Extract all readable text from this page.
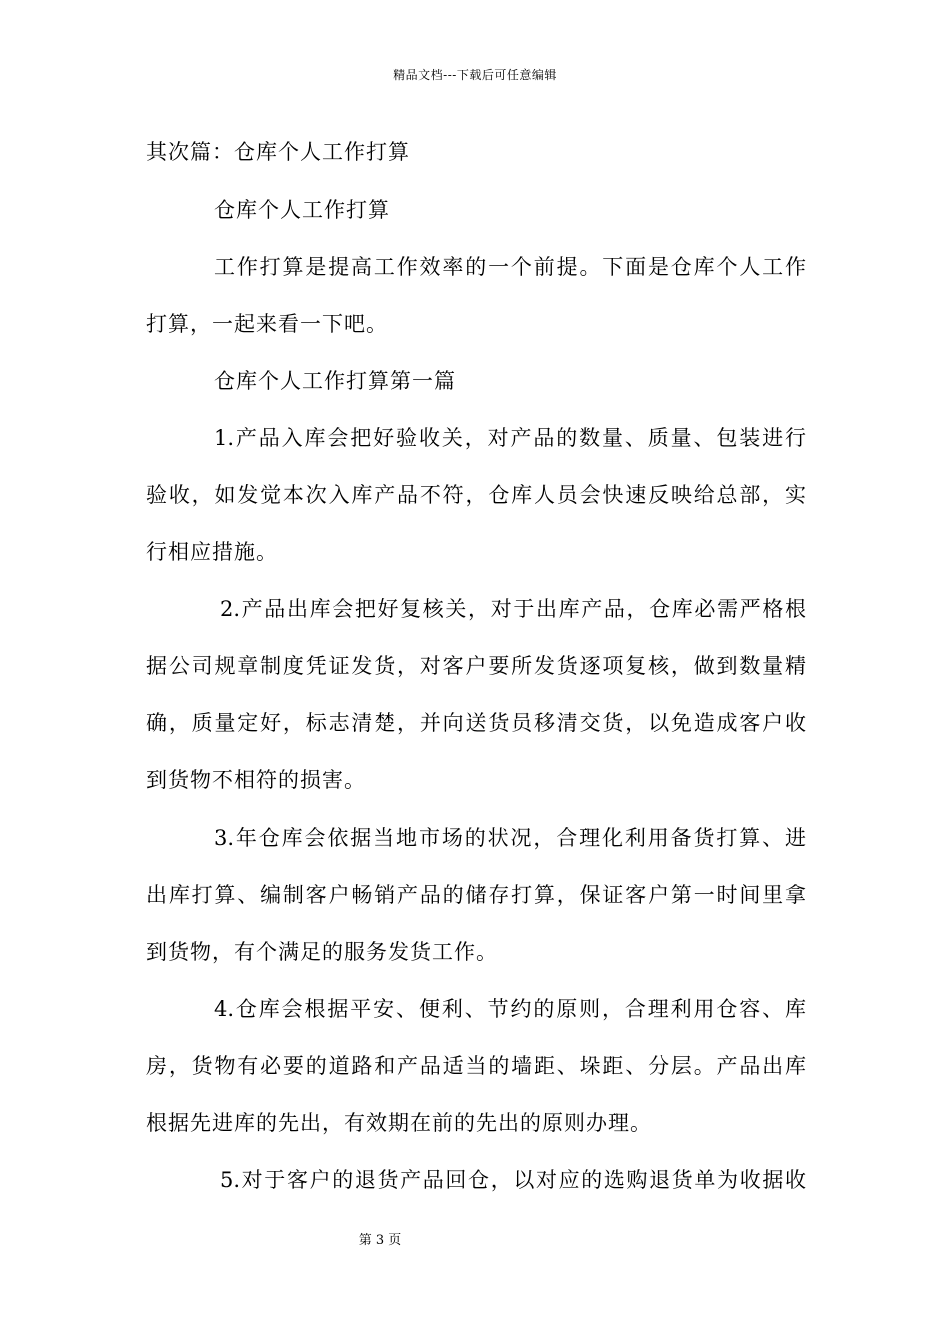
精品文档---下载后可任意编辑
其次篇：仓库个人工作打算
仓库个人工作打算
工作打算是提高工作效率的一个前提。下面是仓库个人工作
打算，一起来看一下吧。
仓库个人工作打算第一篇
1.产品入库会把好验收关，对产品的数量、质量、包装进行
验收，如发觉本次入库产品不符，仓库人员会快速反映给总部，实
行相应措施。
2.产品出库会把好复核关，对于出库产品，仓库必需严格根
据公司规章制度凭证发货，对客户要所发货逐项复核，做到数量精
确，质量定好，标志清楚，并向送货员移清交货，以免造成客户收
到货物不相符的损害。
3.年仓库会依据当地市场的状况，合理化利用备货打算、进
出库打算、编制客户畅销产品的储存打算，保证客户第一时间里拿
到货物，有个满足的服务发货工作。
4.仓库会根据平安、便利、节约的原则，合理利用仓容、库
房，货物有必要的道路和产品适当的墙距、垛距、分层。产品出库
根据先进库的先出，有效期在前的先出的原则办理。
5.对于客户的退货产品回仓，以对应的选购退货单为收据收
第 3 页
